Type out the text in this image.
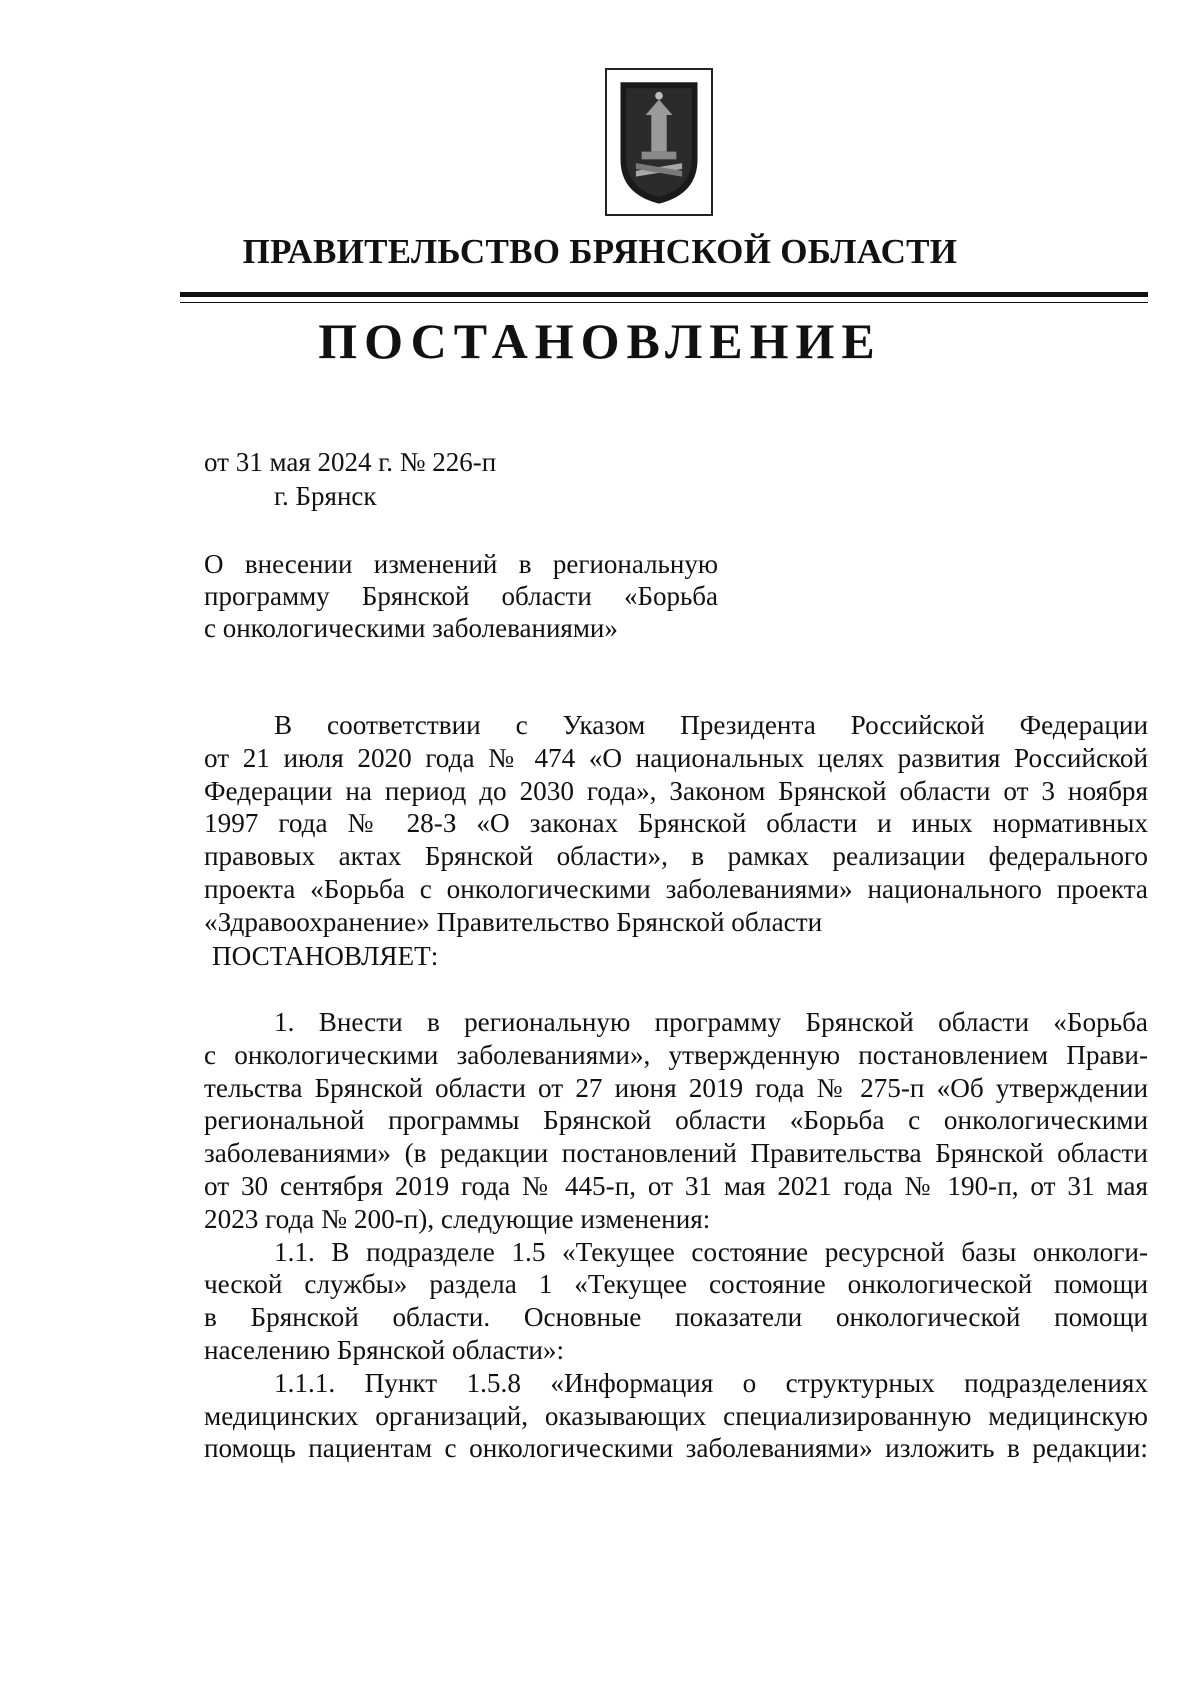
ПРАВИТЕЛЬСТВО БРЯНСКОЙ ОБЛАСТИ
ПОСТАНОВЛЕНИЕ
от 31 мая 2024 г. № 226-п
г. Брянск
О внесении изменений в региональную
программу Брянской области «Борьба
с онкологическими заболеваниями»
В соответствии с Указом Президента Российской Федерации
от 21 июля 2020 года № 474 «О национальных целях развития Российской
Федерации на период до 2030 года», Законом Брянской области от 3 ноября
1997 года № 28-З «О законах Брянской области и иных нормативных
правовых актах Брянской области», в рамках реализации федерального
проекта «Борьба с онкологическими заболеваниями» национального проекта
«Здравоохранение» Правительство Брянской области
ПОСТАНОВЛЯЕТ:
1. Внести в региональную программу Брянской области «Борьба
с онкологическими заболеваниями», утвержденную постановлением Прави-
тельства Брянской области от 27 июня 2019 года № 275-п «Об утверждении
региональной программы Брянской области «Борьба с онкологическими
заболеваниями» (в редакции постановлений Правительства Брянской области
от 30 сентября 2019 года № 445-п, от 31 мая 2021 года № 190-п, от 31 мая
2023 года № 200-п), следующие изменения:
1.1. В подразделе 1.5 «Текущее состояние ресурсной базы онкологи-
ческой службы» раздела 1 «Текущее состояние онкологической помощи
в Брянской области. Основные показатели онкологической помощи
населению Брянской области»:
1.1.1. Пункт 1.5.8 «Информация о структурных подразделениях
медицинских организаций, оказывающих специализированную медицинскую
помощь пациентам с онкологическими заболеваниями» изложить в редакции:
